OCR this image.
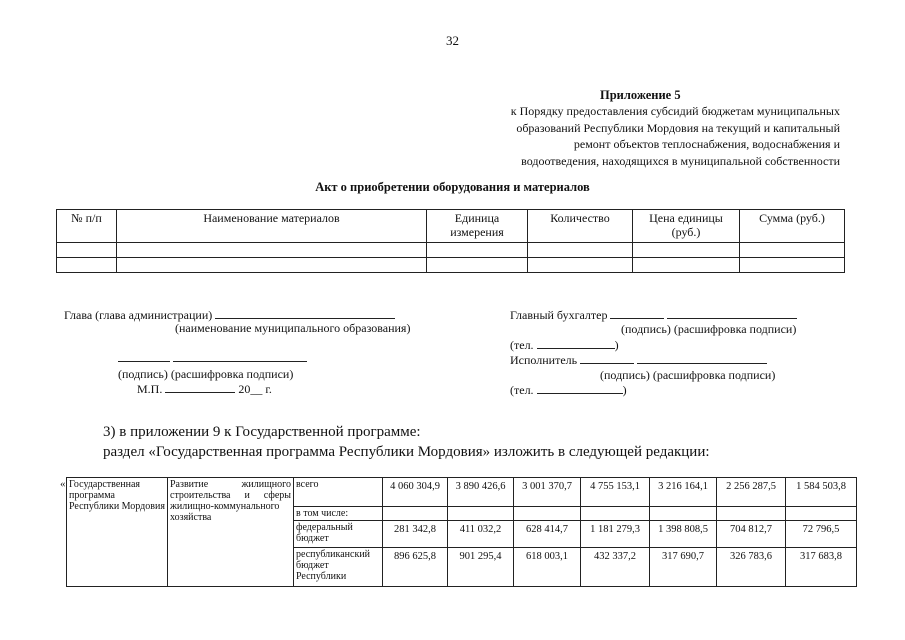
32
Приложение 5
к Порядку предоставления субсидий бюджетам муниципальных
образований Республики Мордовия на текущий и капитальный
ремонт объектов теплоснабжения, водоснабжения и
водоотведения, находящихся в муниципальной собственности
Акт о приобретении оборудования и материалов
№ п/п	Наименование материалов	Единица измерения	Количество	Цена единицы (руб.)	Сумма (руб.)

Глава (глава администрации)
(наименование муниципального образования)

(подпись) (расшифровка подписи)
М.П.	20__ г.
Главный бухгалтер
(подпись) (расшифровка подписи)
(тел.	)
Исполнитель
(подпись) (расшифровка подписи)
(тел.	)
3) в приложении 9 к Государственной программе:
раздел «Государственная программа Республики Мордовия» изложить в следующей редакции:
« Государственная программа Республики Мордовия	Развитие жилищного строительства и сферы жилищно-коммунального хозяйства	всего	4 060 304,9	3 890 426,6	3 001 370,7	4 755 153,1	3 216 164,1	2 256 287,5	1 584 503,8
		в том числе:							
		федеральный бюджет	281 342,8	411 032,2	628 414,7	1 181 279,3	1 398 808,5	704 812,7	72 796,5
		республиканский бюджет Республики	896 625,8	901 295,4	618 003,1	432 337,2	317 690,7	326 783,6	317 683,8
